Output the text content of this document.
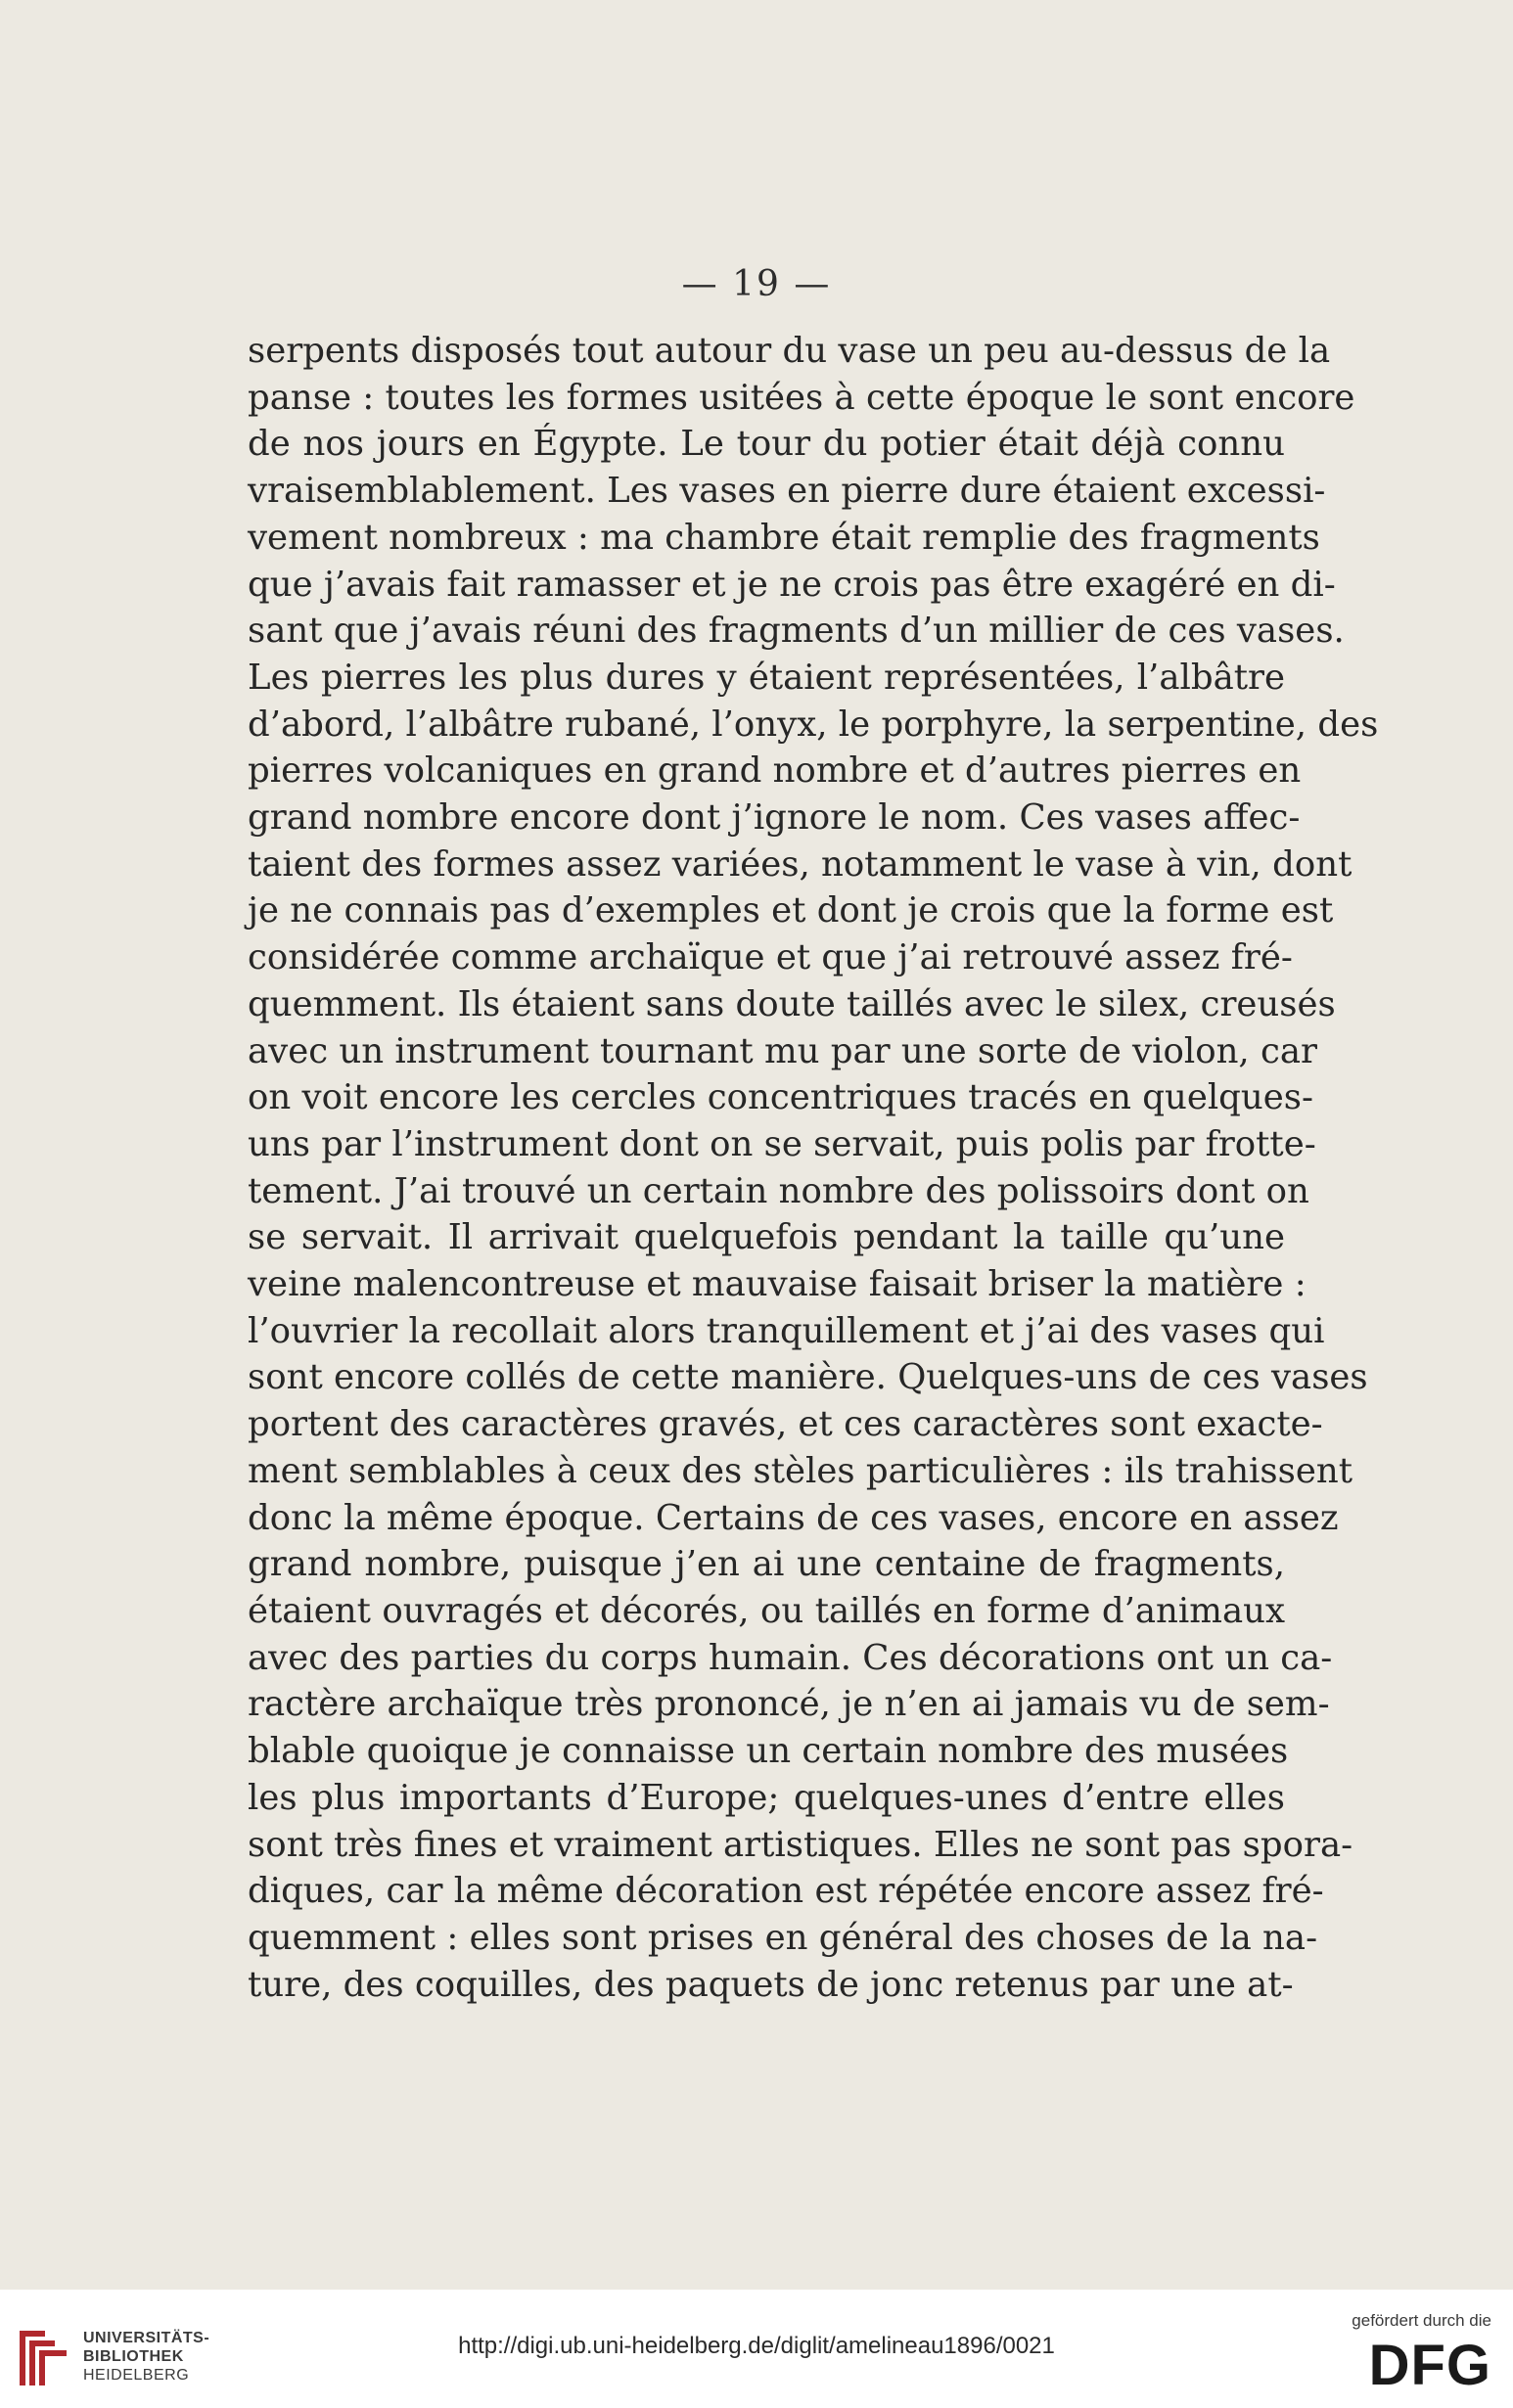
— 19 —
serpents disposés tout autour du vase un peu au-dessus de la
panse : toutes les formes usitées à cette époque le sont encore
de nos jours en Égypte. Le tour du potier était déjà connu
vraisemblablement. Les vases en pierre dure étaient excessi-
vement nombreux : ma chambre était remplie des fragments
que j’avais fait ramasser et je ne crois pas être exagéré en di-
sant que j’avais réuni des fragments d’un millier de ces vases.
Les pierres les plus dures y étaient représentées, l’albâtre
d’abord, l’albâtre rubané, l’onyx, le porphyre, la serpentine, des
pierres volcaniques en grand nombre et d’autres pierres en
grand nombre encore dont j’ignore le nom. Ces vases affec-
taient des formes assez variées, notamment le vase à vin, dont
je ne connais pas d’exemples et dont je crois que la forme est
considérée comme archaïque et que j’ai retrouvé assez fré-
quemment. Ils étaient sans doute taillés avec le silex, creusés
avec un instrument tournant mu par une sorte de violon, car
on voit encore les cercles concentriques tracés en quelques-
uns par l’instrument dont on se servait, puis polis par frotte-
tement. J’ai trouvé un certain nombre des polissoirs dont on
se servait. Il arrivait quelquefois pendant la taille qu’une
veine malencontreuse et mauvaise faisait briser la matière :
l’ouvrier la recollait alors tranquillement et j’ai des vases qui
sont encore collés de cette manière. Quelques-uns de ces vases
portent des caractères gravés, et ces caractères sont exacte-
ment semblables à ceux des stèles particulières : ils trahissent
donc la même époque. Certains de ces vases, encore en assez
grand nombre, puisque j’en ai une centaine de fragments,
étaient ouvragés et décorés, ou taillés en forme d’animaux
avec des parties du corps humain. Ces décorations ont un ca-
ractère archaïque très prononcé, je n’en ai jamais vu de sem-
blable quoique je connaisse un certain nombre des musées
les plus importants d’Europe; quelques-unes d’entre elles
sont très fines et vraiment artistiques. Elles ne sont pas spora-
diques, car la même décoration est répétée encore assez fré-
quemment : elles sont prises en général des choses de la na-
ture, des coquilles, des paquets de jonc retenus par une at-
UNIVERSITÄTS-
BIBLIOTHEK
HEIDELBERG
http://digi.ub.uni-heidelberg.de/diglit/amelineau1896/0021
gefördert durch die
DFG
